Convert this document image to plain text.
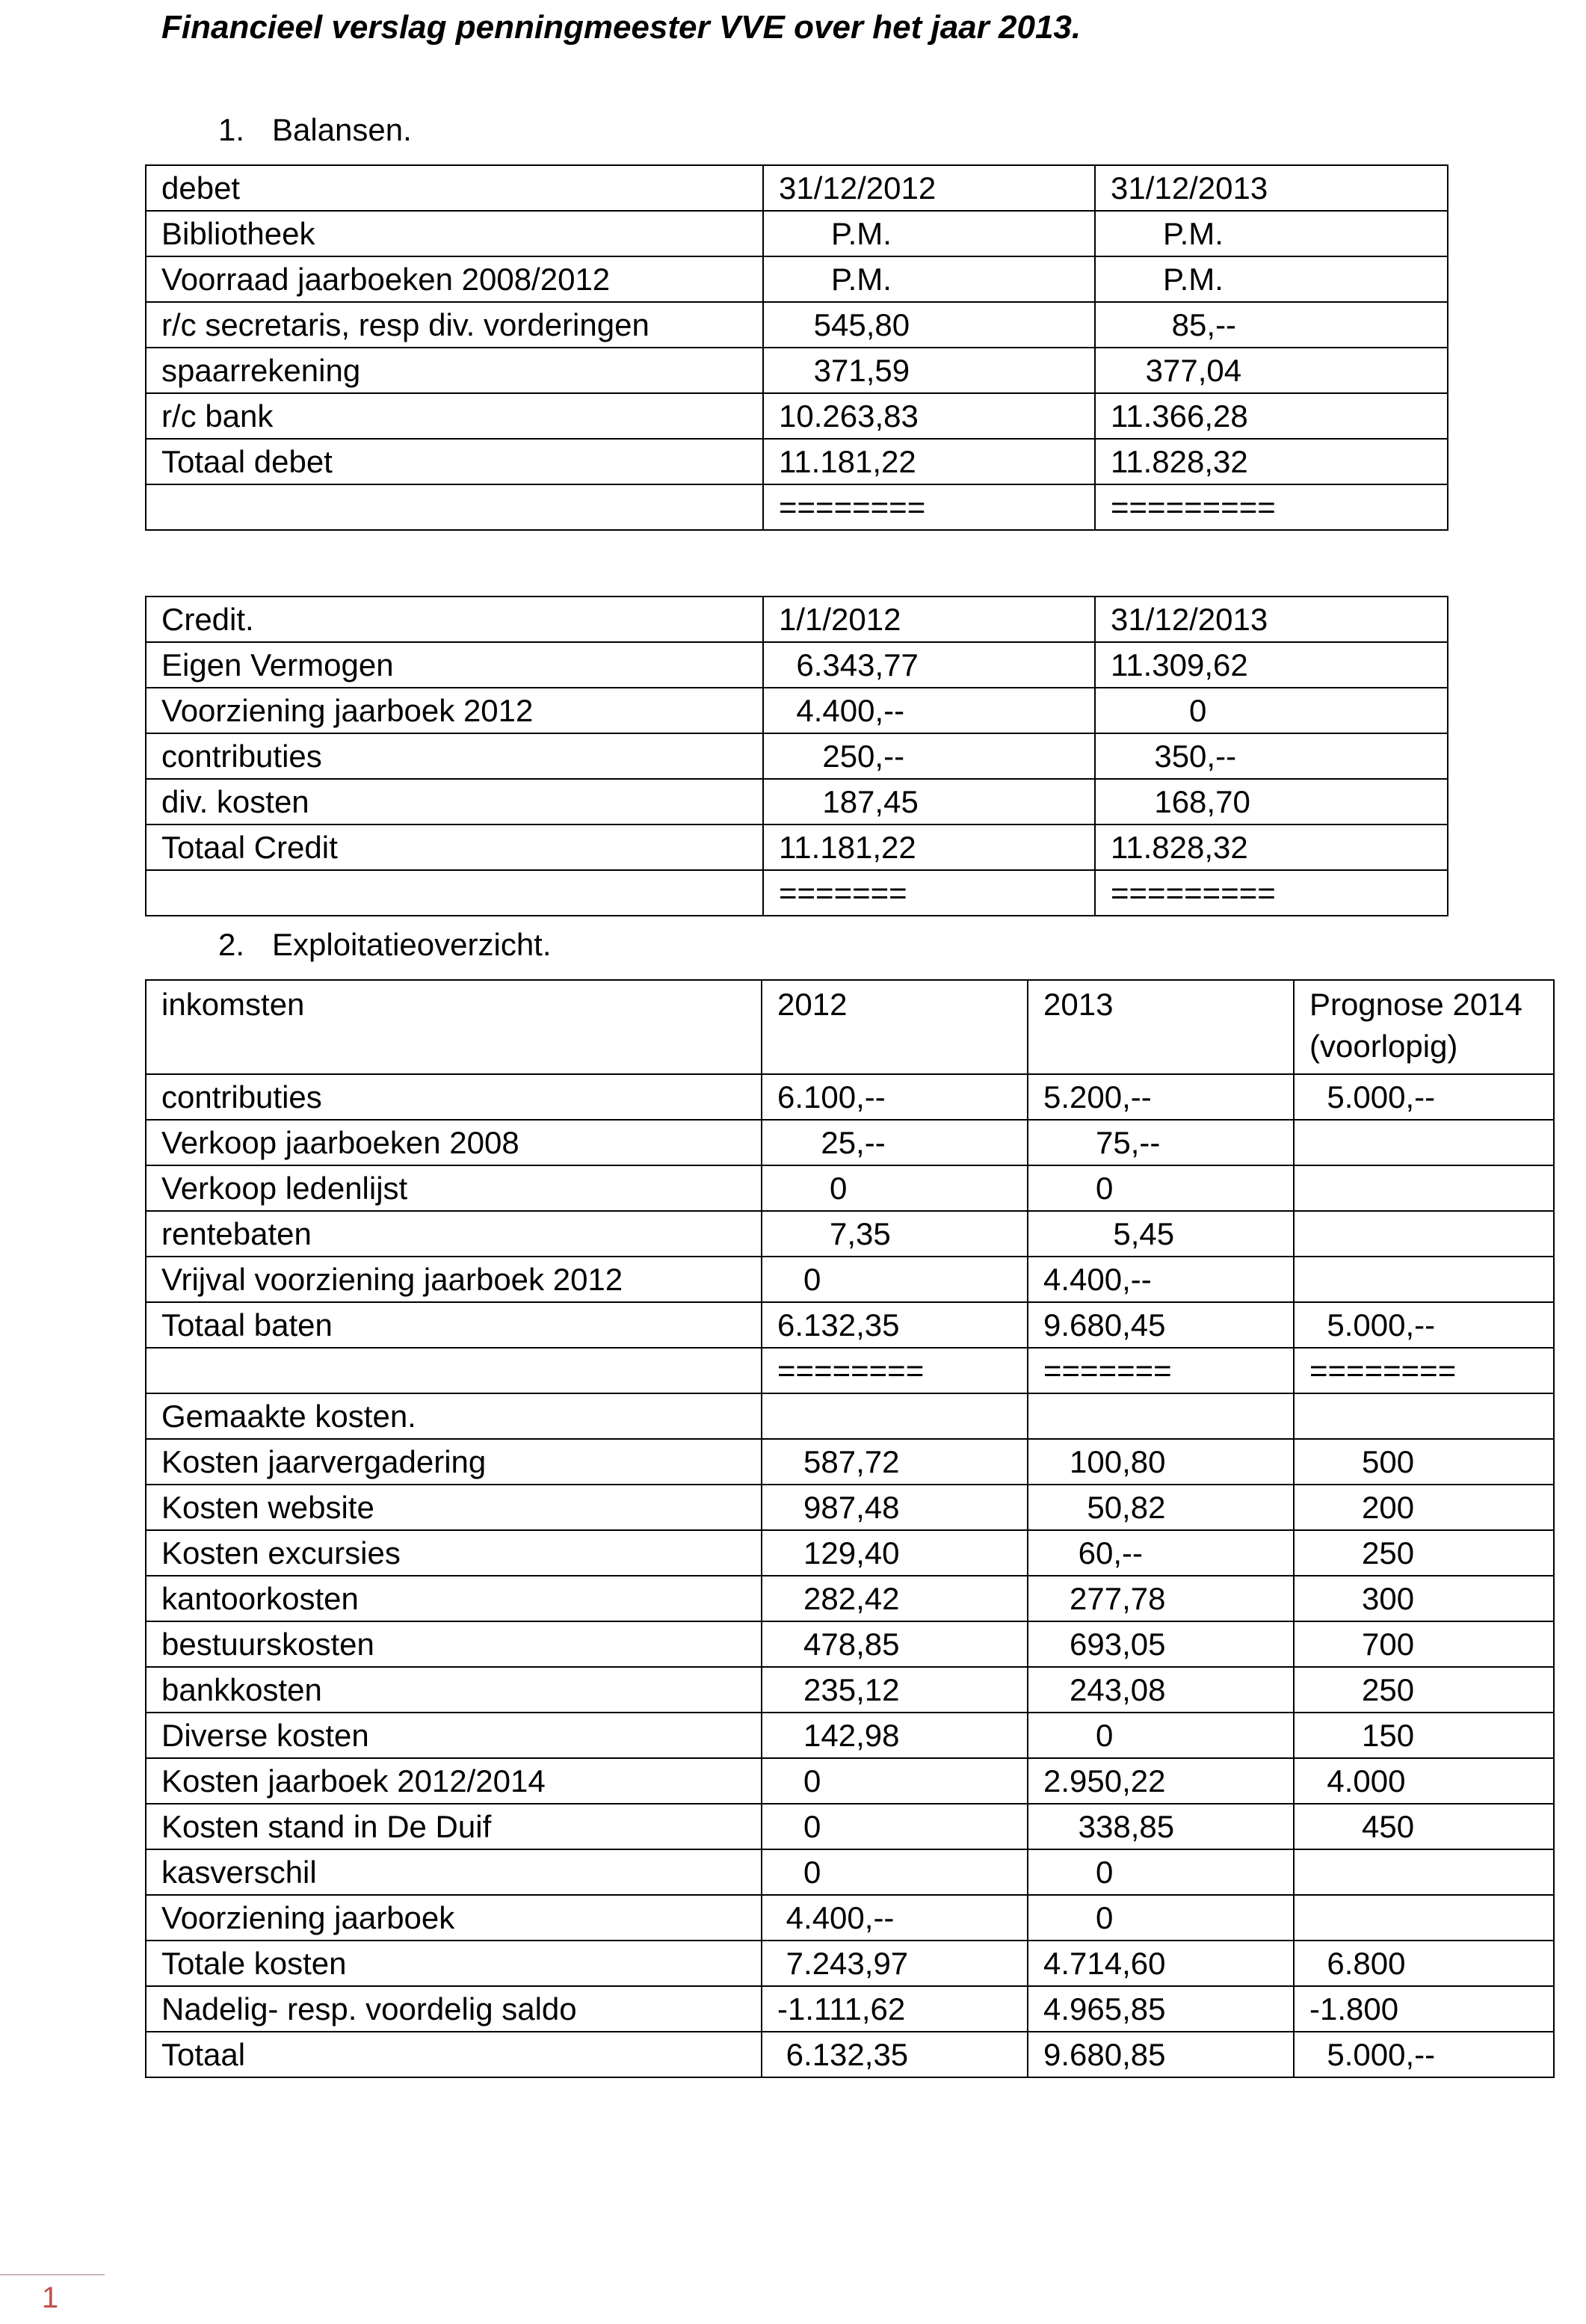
Financieel verslag penningmeester VVE over het jaar 2013.
1. Balansen.
debet	31/12/2012	31/12/2013
Bibliotheek	P.M.	P.M.
Voorraad jaarboeken 2008/2012	P.M.	P.M.
r/c secretaris, resp div. vorderingen	545,80	85,--
spaarrekening	371,59	377,04
r/c bank	10.263,83	11.366,28
Totaal debet	11.181,22	11.828,32
	========	=========
Credit.	1/1/2012	31/12/2013
Eigen Vermogen	6.343,77	11.309,62
Voorziening jaarboek 2012	4.400,--	0
contributies	250,--	350,--
div. kosten	187,45	168,70
Totaal Credit	11.181,22	11.828,32
	=======	=========
2. Exploitatieoverzicht.
inkomsten	2012	2013	Prognose 2014
(voorlopig)
contributies	6.100,--	5.200,--	5.000,--
Verkoop jaarboeken 2008	25,--	75,--	
Verkoop ledenlijst	0	0	
rentebaten	7,35	5,45	
Vrijval voorziening jaarboek 2012	0	4.400,--	
Totaal baten	6.132,35	9.680,45	5.000,--
	========	=======	========
Gemaakte kosten.			
Kosten jaarvergadering	587,72	100,80	500
Kosten website	987,48	50,82	200
Kosten excursies	129,40	60,--	250
kantoorkosten	282,42	277,78	300
bestuurskosten	478,85	693,05	700
bankkosten	235,12	243,08	250
Diverse kosten	142,98	0	150
Kosten jaarboek 2012/2014	0	2.950,22	4.000
Kosten stand in De Duif	0	338,85	450
kasverschil	0	0	
Voorziening jaarboek	4.400,--	0	
Totale kosten	7.243,97	4.714,60	6.800
Nadelig- resp. voordelig saldo	-1.111,62	4.965,85	-1.800
Totaal	6.132,35	9.680,85	5.000,--
1
